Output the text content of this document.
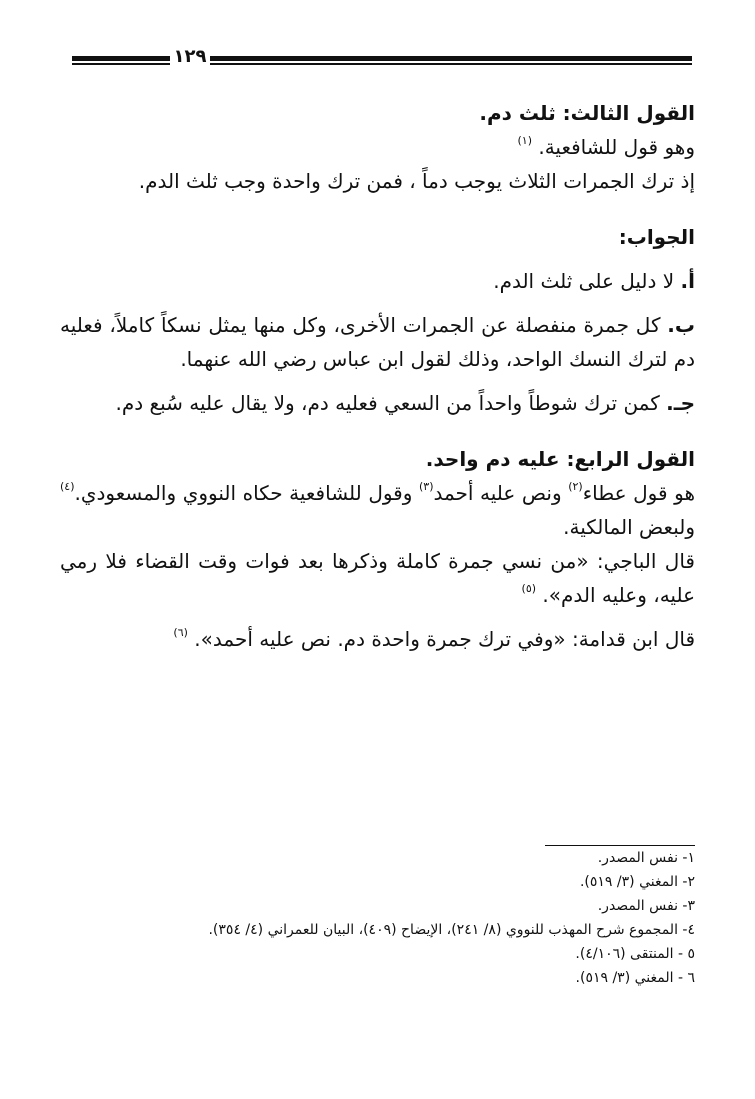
١٢٩

القول الثالث: ثلث دم.

وهو قول للشافعية. $^{(١)}$

إذ ترك الجمرات الثلاث يوجب دماً ، فمن ترك واحدة وجب ثلث الدم.

الجواب:

أ. لا دليل على ثلث الدم.

ب. كل جمرة منفصلة عن الجمرات الأخرى، وكل منها يمثل نسكاً كاملاً، فعليه دم لترك النسك الواحد، وذلك لقول ابن عباس رضي الله عنهما.

جـ. كمن ترك شوطاً واحداً من السعي فعليه دم، ولا يقال عليه سُبع دم.

القول الرابع: عليه دم واحد.

هو قول عطاء$^{(٢)}$ ونص عليه أحمد$^{(٣)}$ وقول للشافعية حكاه النووي والمسعودي.$^{(٤)}$ ولبعض المالكية.

قال الباجي: «من نسي جمرة كاملة وذكرها بعد فوات وقت القضاء فلا رمي عليه، وعليه الدم». $^{(٥)}$

قال ابن قدامة: «وفي ترك جمرة واحدة دم. نص عليه أحمد». $^{(٦)}$

١- نفس المصدر.

٢- المغني (٣/ ٥١٩).

٣- نفس المصدر.

٤- المجموع شرح المهذب للنووي (٨/ ٢٤١)، الإيضاح (٤٠٩)، البيان للعمراني (٤/ ٣٥٤).

٥ - المنتقى (٤/١٠٦).

٦ - المغني (٣/ ٥١٩).
